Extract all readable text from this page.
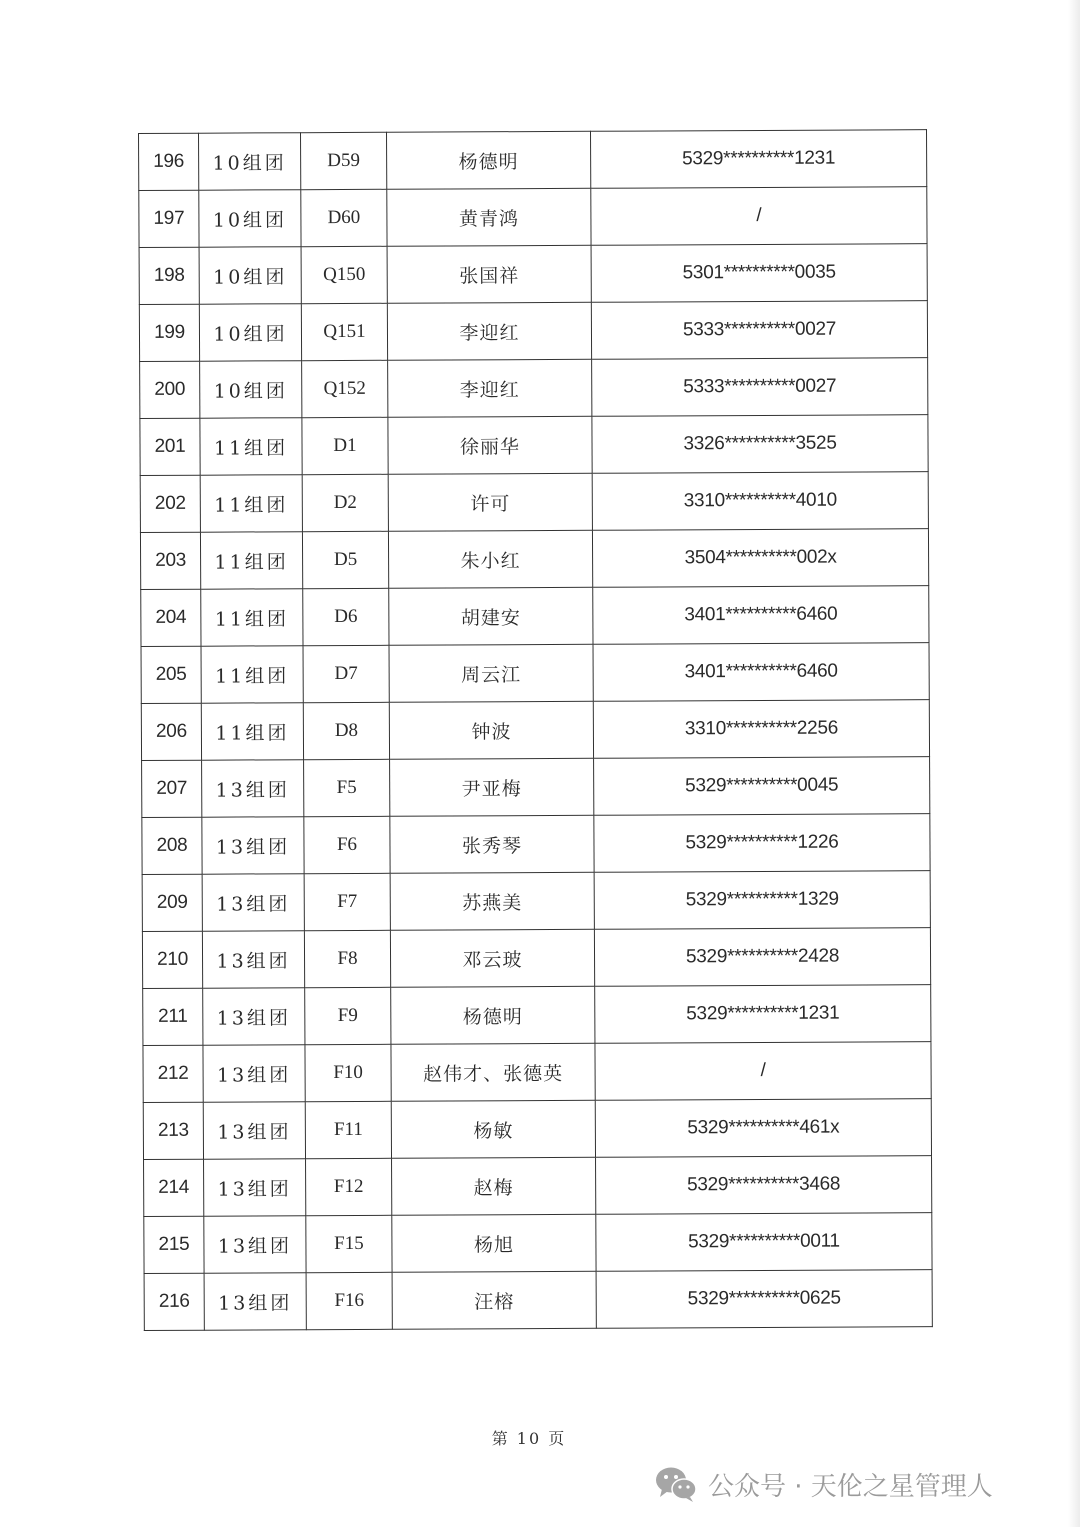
196	10组团	D59	杨德明	5329**********1231
197	10组团	D60	黄青鸿	/
198	10组团	Q150	张国祥	5301**********0035
199	10组团	Q151	李迎红	5333**********0027
200	10组团	Q152	李迎红	5333**********0027
201	11组团	D1	徐丽华	3326**********3525
202	11组团	D2	许可	3310**********4010
203	11组团	D5	朱小红	3504**********002x
204	11组团	D6	胡建安	3401**********6460
205	11组团	D7	周云江	3401**********6460
206	11组团	D8	钟波	3310**********2256
207	13组团	F5	尹亚梅	5329**********0045
208	13组团	F6	张秀琴	5329**********1226
209	13组团	F7	苏燕美	5329**********1329
210	13组团	F8	邓云玻	5329**********2428
211	13组团	F9	杨德明	5329**********1231
212	13组团	F10	赵伟才、张德英	/
213	13组团	F11	杨敏	5329**********461x
214	13组团	F12	赵梅	5329**********3468
215	13组团	F15	杨旭	5329**********0011
216	13组团	F16	汪榕	5329**********0625
第 10 页
公众号 · 天伦之星管理人
